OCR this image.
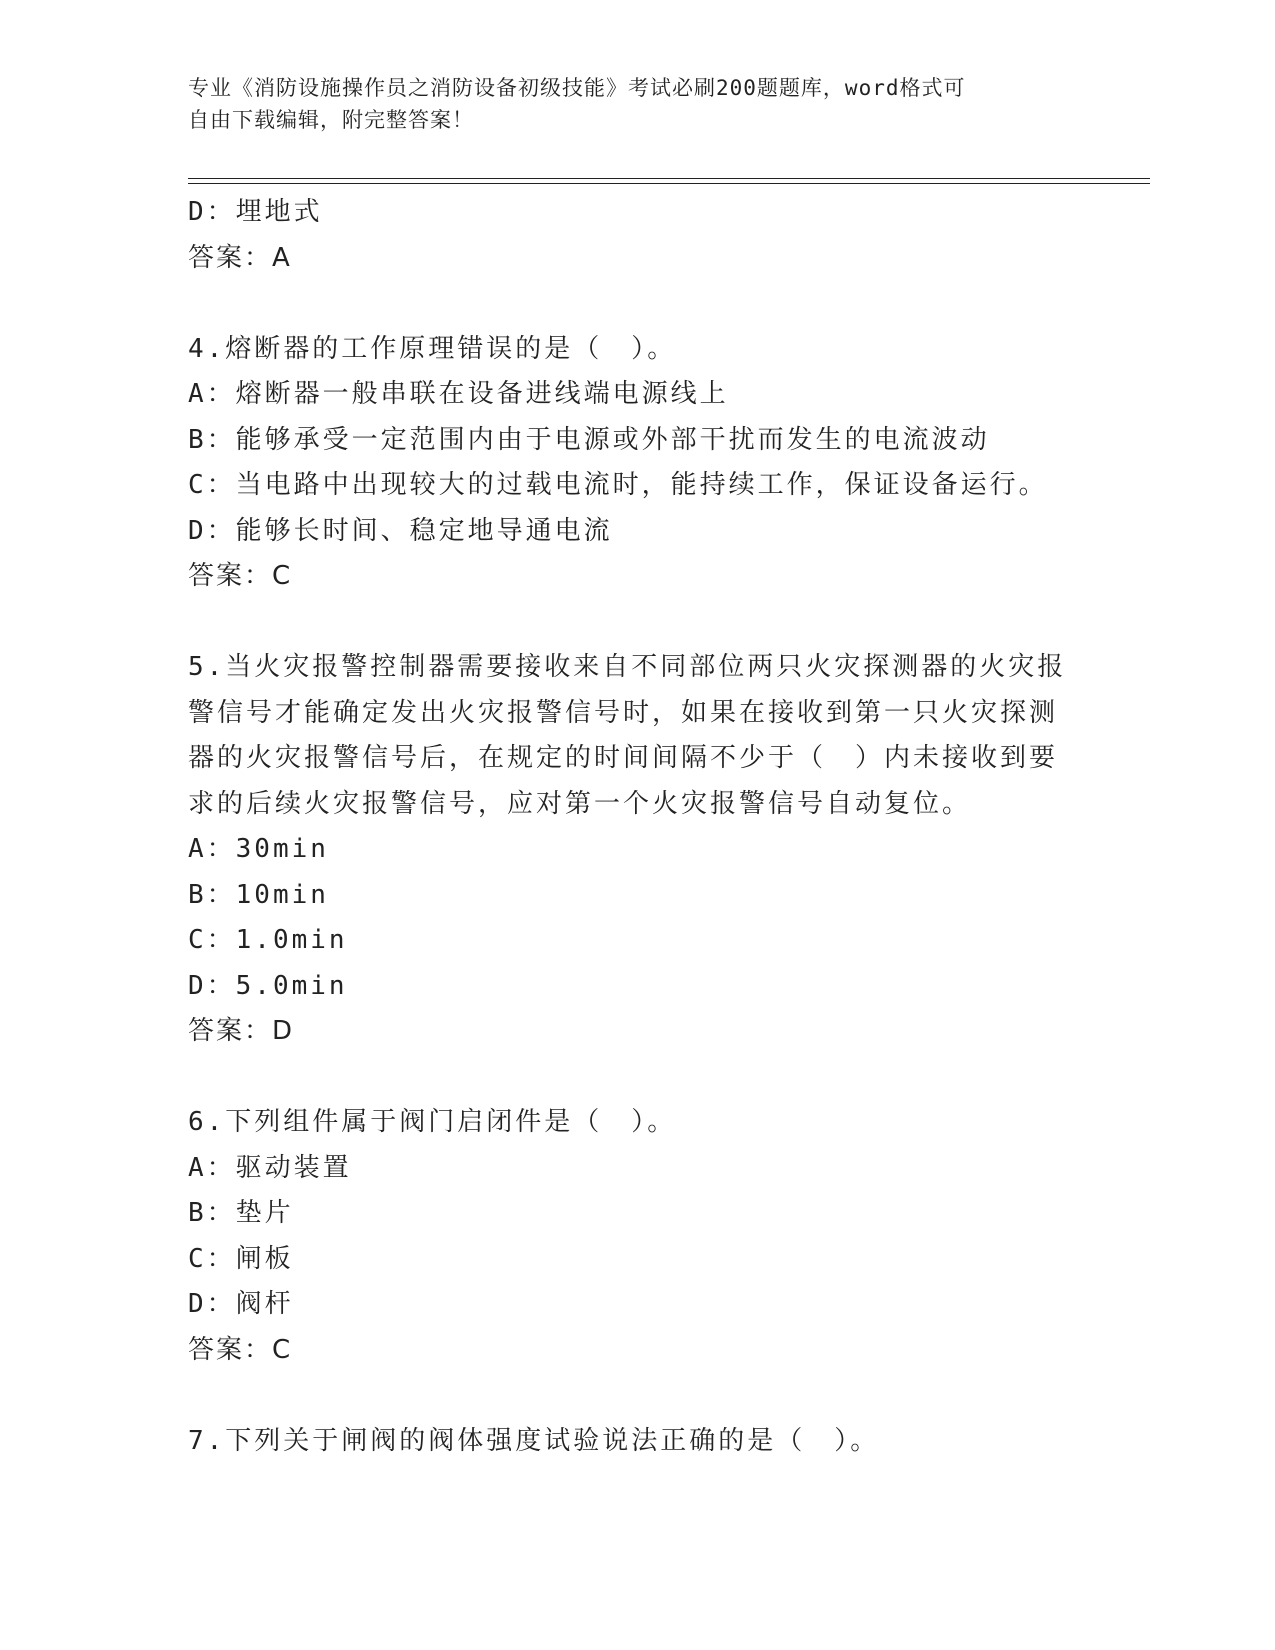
专业《消防设施操作员之消防设备初级技能》考试必刷200题题库，word格式可
自由下载编辑，附完整答案！
D：埋地式
答案：A
4.熔断器的工作原理错误的是（　）。
A：熔断器一般串联在设备进线端电源线上
B：能够承受一定范围内由于电源或外部干扰而发生的电流波动
C：当电路中出现较大的过载电流时，能持续工作，保证设备运行。
D：能够长时间、稳定地导通电流
答案：C
5.当火灾报警控制器需要接收来自不同部位两只火灾探测器的火灾报
警信号才能确定发出火灾报警信号时，如果在接收到第一只火灾探测
器的火灾报警信号后，在规定的时间间隔不少于（　）内未接收到要
求的后续火灾报警信号，应对第一个火灾报警信号自动复位。
A：30min
B：10min
C：1.0min
D：5.0min
答案：D
6.下列组件属于阀门启闭件是（　）。
A：驱动装置
B：垫片
C：闸板
D：阀杆
答案：C
7.下列关于闸阀的阀体强度试验说法正确的是（　）。
